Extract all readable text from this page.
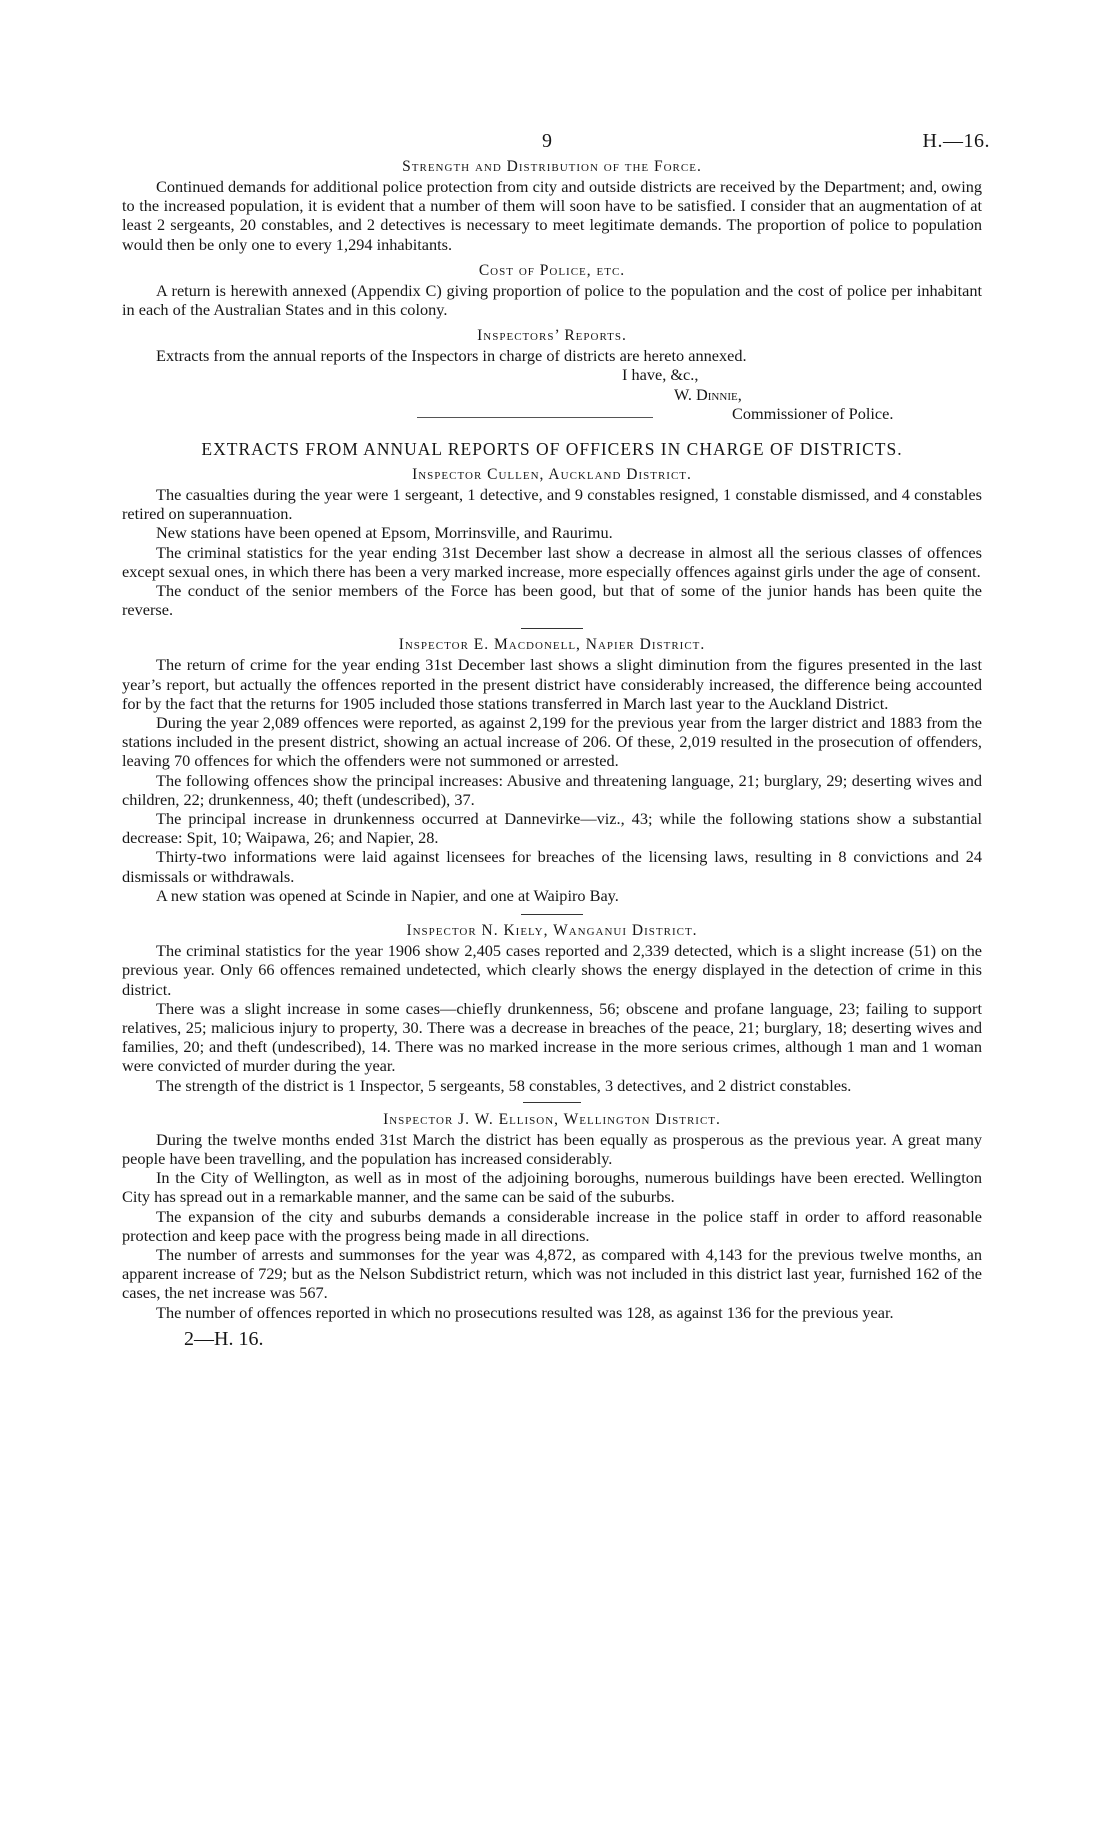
9	H.—16.
Strength and Distribution of the Force.

Continued demands for additional police protection from city and outside districts are received by the Department; and, owing to the increased population, it is evident that a number of them will soon have to be satisfied. I consider that an augmentation of at least 2 sergeants, 20 constables, and 2 detectives is necessary to meet legitimate demands. The proportion of police to population would then be only one to every 1,294 inhabitants.

Cost of Police, etc.

A return is herewith annexed (Appendix C) giving proportion of police to the population and the cost of police per inhabitant in each of the Australian States and in this colony.

Inspectors’ Reports.

Extracts from the annual reports of the Inspectors in charge of districts are hereto annexed.

I have, &c.,
W. Dinnie,
Commissioner of Police.
EXTRACTS FROM ANNUAL REPORTS OF OFFICERS IN CHARGE OF DISTRICTS.
Inspector Cullen, Auckland District.

The casualties during the year were 1 sergeant, 1 detective, and 9 constables resigned, 1 constable dismissed, and 4 constables retired on superannuation.

New stations have been opened at Epsom, Morrinsville, and Raurimu.

The criminal statistics for the year ending 31st December last show a decrease in almost all the serious classes of offences except sexual ones, in which there has been a very marked increase, more especially offences against girls under the age of consent.

The conduct of the senior members of the Force has been good, but that of some of the junior hands has been quite the reverse.

Inspector E. Macdonell, Napier District.

The return of crime for the year ending 31st December last shows a slight diminution from the figures presented in the last year’s report, but actually the offences reported in the present district have considerably increased, the difference being accounted for by the fact that the returns for 1905 included those stations transferred in March last year to the Auckland District.

During the year 2,089 offences were reported, as against 2,199 for the previous year from the larger district and 1883 from the stations included in the present district, showing an actual increase of 206. Of these, 2,019 resulted in the prosecution of offenders, leaving 70 offences for which the offenders were not summoned or arrested.

The following offences show the principal increases: Abusive and threatening language, 21; burglary, 29; deserting wives and children, 22; drunkenness, 40; theft (undescribed), 37.

The principal increase in drunkenness occurred at Dannevirke—viz., 43; while the following stations show a substantial decrease: Spit, 10; Waipawa, 26; and Napier, 28.

Thirty-two informations were laid against licensees for breaches of the licensing laws, resulting in 8 convictions and 24 dismissals or withdrawals.

A new station was opened at Scinde in Napier, and one at Waipiro Bay.

Inspector N. Kiely, Wanganui District.

The criminal statistics for the year 1906 show 2,405 cases reported and 2,339 detected, which is a slight increase (51) on the previous year. Only 66 offences remained undetected, which clearly shows the energy displayed in the detection of crime in this district.

There was a slight increase in some cases—chiefly drunkenness, 56; obscene and profane language, 23; failing to support relatives, 25; malicious injury to property, 30. There was a decrease in breaches of the peace, 21; burglary, 18; deserting wives and families, 20; and theft (undescribed), 14. There was no marked increase in the more serious crimes, although 1 man and 1 woman were convicted of murder during the year.

The strength of the district is 1 Inspector, 5 sergeants, 58 constables, 3 detectives, and 2 district constables.

Inspector J. W. Ellison, Wellington District.

During the twelve months ended 31st March the district has been equally as prosperous as the previous year. A great many people have been travelling, and the population has increased considerably.

In the City of Wellington, as well as in most of the adjoining boroughs, numerous buildings have been erected. Wellington City has spread out in a remarkable manner, and the same can be said of the suburbs.

The expansion of the city and suburbs demands a considerable increase in the police staff in order to afford reasonable protection and keep pace with the progress being made in all directions.

The number of arrests and summonses for the year was 4,872, as compared with 4,143 for the previous twelve months, an apparent increase of 729; but as the Nelson Subdistrict return, which was not included in this district last year, furnished 162 of the cases, the net increase was 567.

The number of offences reported in which no prosecutions resulted was 128, as against 136 for the previous year.

2—H. 16.
